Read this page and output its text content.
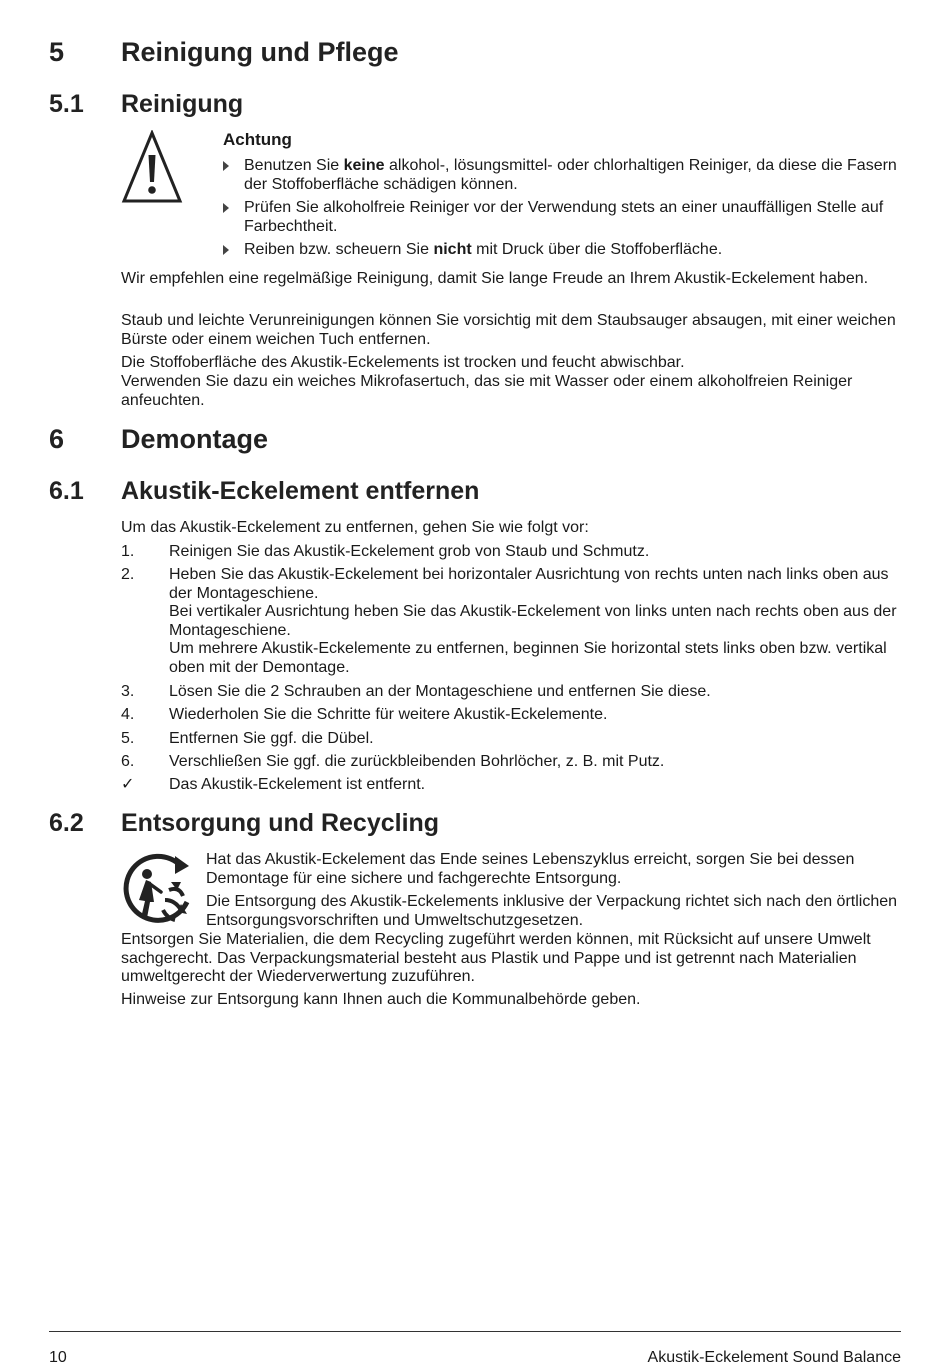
5 Reinigung und Pflege
5.1 Reinigung

Achtung

Benutzen Sie keine alkohol-, lösungsmittel- oder chlorhaltigen Reiniger, da diese die Fasern der Stoffoberfläche schädigen können.
Prüfen Sie alkoholfreie Reiniger vor der Verwendung stets an einer unauffälligen Stelle auf Farbechtheit.
Reiben bzw. scheuern Sie nicht mit Druck über die Stoffoberfläche.

Wir empfehlen eine regelmäßige Reinigung, damit Sie lange Freude an Ihrem Akustik-Eckelement haben.

Staub und leichte Verunreinigungen können Sie vorsichtig mit dem Staubsauger absaugen, mit einer weichen Bürste oder einem weichen Tuch entfernen.

Die Stoffoberfläche des Akustik-Eckelements ist trocken und feucht abwischbar.

Verwenden Sie dazu ein weiches Mikrofasertuch, das sie mit Wasser oder einem alkoholfreien Reiniger anfeuchten.

6 Demontage
6.1 Akustik-Eckelement entfernen

Um das Akustik-Eckelement zu entfernen, gehen Sie wie folgt vor:

1. Reinigen Sie das Akustik-Eckelement grob von Staub und Schmutz.
2. Heben Sie das Akustik-Eckelement bei horizontaler Ausrichtung von rechts unten nach links oben aus der Montageschiene.
Bei vertikaler Ausrichtung heben Sie das Akustik-Eckelement von links unten nach rechts oben aus der Montageschiene.
Um mehrere Akustik-Eckelemente zu entfernen, beginnen Sie horizontal stets links oben bzw. vertikal oben mit der Demontage.
3. Lösen Sie die 2 Schrauben an der Montageschiene und entfernen Sie diese.
4. Wiederholen Sie die Schritte für weitere Akustik-Eckelemente.
5. Entfernen Sie ggf. die Dübel.
6. Verschließen Sie ggf. die zurückbleibenden Bohrlöcher, z. B. mit Putz.
✓ Das Akustik-Eckelement ist entfernt.
6.2 Entsorgung und Recycling

Hat das Akustik-Eckelement das Ende seines Lebenszyklus erreicht, sorgen Sie bei dessen Demontage für eine sichere und fachgerechte Entsorgung.

Die Entsorgung des Akustik-Eckelements inklusive der Verpackung richtet sich nach den örtlichen Entsorgungsvorschriften und Umweltschutzgesetzen.

Entsorgen Sie Materialien, die dem Recycling zugeführt werden können, mit Rücksicht auf unsere Umwelt sachgerecht. Das Verpackungsmaterial besteht aus Plastik und Pappe und ist getrennt nach Materialien umweltgerecht der Wiederverwertung zuzuführen.

Hinweise zur Entsorgung kann Ihnen auch die Kommunalbehörde geben.

10	Akustik-Eckelement Sound Balance
